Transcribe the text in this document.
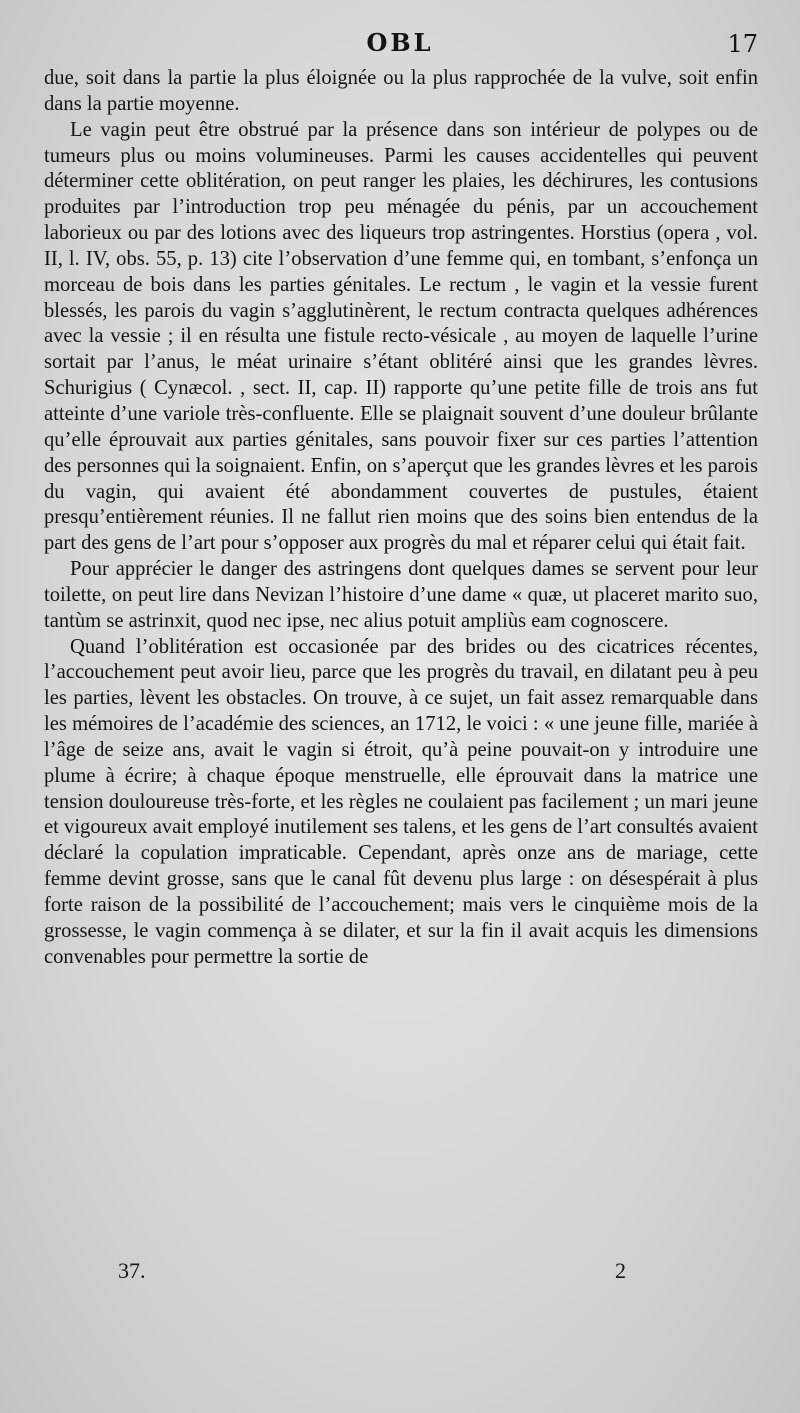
OBL	17

due, soit dans la partie la plus éloignée ou la plus rapprochée de la vulve, soit enfin dans la partie moyenne.

Le vagin peut être obstrué par la présence dans son intérieur de polypes ou de tumeurs plus ou moins volumineuses. Parmi les causes accidentelles qui peuvent déterminer cette oblitération, on peut ranger les plaies, les déchirures, les contusions produites par l’introduction trop peu ménagée du pénis, par un accouchement laborieux ou par des lotions avec des liqueurs trop astringentes. Horstius (opera , vol. II, l. IV, obs. 55, p. 13) cite l’observation d’une femme qui, en tombant, s’enfonça un morceau de bois dans les parties génitales. Le rectum , le vagin et la vessie furent blessés, les parois du vagin s’agglutinèrent, le rectum contracta quelques adhérences avec la vessie ; il en résulta une fistule recto-vésicale , au moyen de laquelle l’urine sortait par l’anus, le méat urinaire s’étant oblitéré ainsi que les grandes lèvres. Schurigius ( Cynæcol. , sect. II, cap. II) rapporte qu’une petite fille de trois ans fut atteinte d’une variole très-confluente. Elle se plaignait souvent d’une douleur brûlante qu’elle éprouvait aux parties génitales, sans pouvoir fixer sur ces parties l’attention des personnes qui la soignaient. Enfin, on s’aperçut que les grandes lèvres et les parois du vagin, qui avaient été abondamment couvertes de pustules, étaient presqu’entièrement réunies. Il ne fallut rien moins que des soins bien entendus de la part des gens de l’art pour s’opposer aux progrès du mal et réparer celui qui était fait.

Pour apprécier le danger des astringens dont quelques dames se servent pour leur toilette, on peut lire dans Nevizan l’histoire d’une dame « quæ, ut placeret marito suo, tantùm se astrinxit, quod nec ipse, nec alius potuit ampliùs eam cognoscere.

Quand l’oblitération est occasionée par des brides ou des cicatrices récentes, l’accouchement peut avoir lieu, parce que les progrès du travail, en dilatant peu à peu les parties, lèvent les obstacles. On trouve, à ce sujet, un fait assez remarquable dans les mémoires de l’académie des sciences, an 1712, le voici : « une jeune fille, mariée à l’âge de seize ans, avait le vagin si étroit, qu’à peine pouvait-on y introduire une plume à écrire; à chaque époque menstruelle, elle éprouvait dans la matrice une tension douloureuse très-forte, et les règles ne coulaient pas facilement ; un mari jeune et vigoureux avait employé inutilement ses talens, et les gens de l’art consultés avaient déclaré la copulation impraticable. Cependant, après onze ans de mariage, cette femme devint grosse, sans que le canal fût devenu plus large : on désespérait à plus forte raison de la possibilité de l’accouchement; mais vers le cinquième mois de la grossesse, le vagin commença à se dilater, et sur la fin il avait acquis les dimensions convenables pour permettre la sortie de

37.	2
